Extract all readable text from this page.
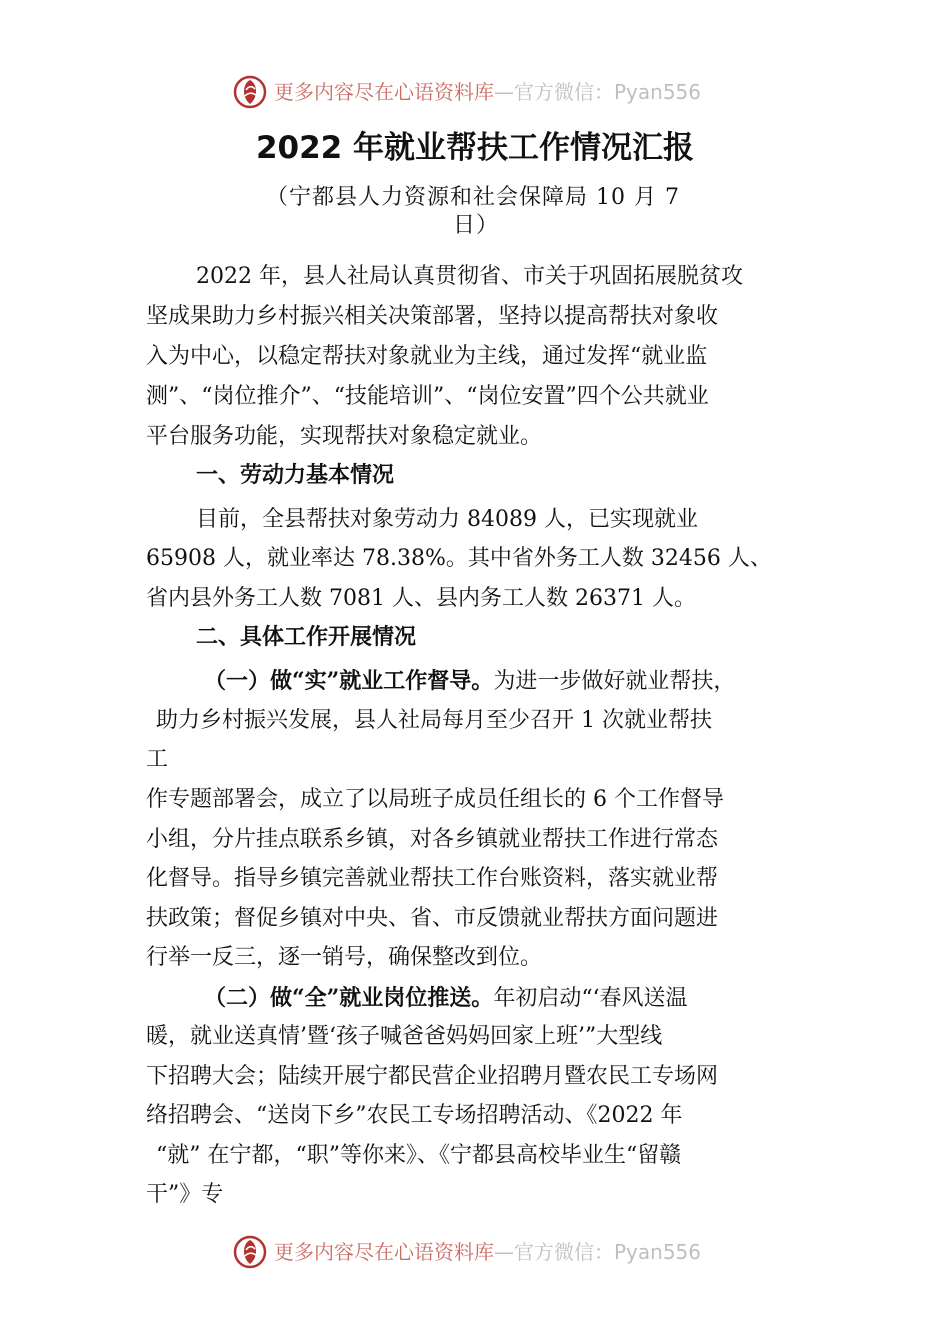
更多内容尽在心语资料库—官方微信：Pyan556
2022 年就业帮扶工作情况汇报
（宁都县人力资源和社会保障局 10 月 7
日）
2022 年，县人社局认真贯彻省、市关于巩固拓展脱贫攻
坚成果助力乡村振兴相关决策部署，坚持以提高帮扶对象收
入为中心，以稳定帮扶对象就业为主线，通过发挥“就业监
测”、“岗位推介”、“技能培训”、“岗位安置”四个公共就业
平台服务功能，实现帮扶对象稳定就业。
一、劳动力基本情况
目前，全县帮扶对象劳动力 84089 人，已实现就业
65908 人，就业率达 78.38%。其中省外务工人数 32456 人、
省内县外务工人数 7081 人、县内务工人数 26371 人。
二、具体工作开展情况
（一）做“实”就业工作督导。为进一步做好就业帮扶，
助力乡村振兴发展，县人社局每月至少召开 1 次就业帮扶
工
作专题部署会，成立了以局班子成员任组长的 6 个工作督导
小组，分片挂点联系乡镇，对各乡镇就业帮扶工作进行常态
化督导。指导乡镇完善就业帮扶工作台账资料，落实就业帮
扶政策；督促乡镇对中央、省、市反馈就业帮扶方面问题进
行举一反三，逐一销号，确保整改到位。
（二）做“全”就业岗位推送。年初启动“‘春风送温
暖，就业送真情’暨‘孩子喊爸爸妈妈回家上班’”大型线
下招聘大会；陆续开展宁都民营企业招聘月暨农民工专场网
络招聘会、“送岗下乡”农民工专场招聘活动、《2022 年
“就” 在宁都，“职”等你来》、《宁都县高校毕业生“留赣
干”》专
更多内容尽在心语资料库—官方微信：Pyan556
